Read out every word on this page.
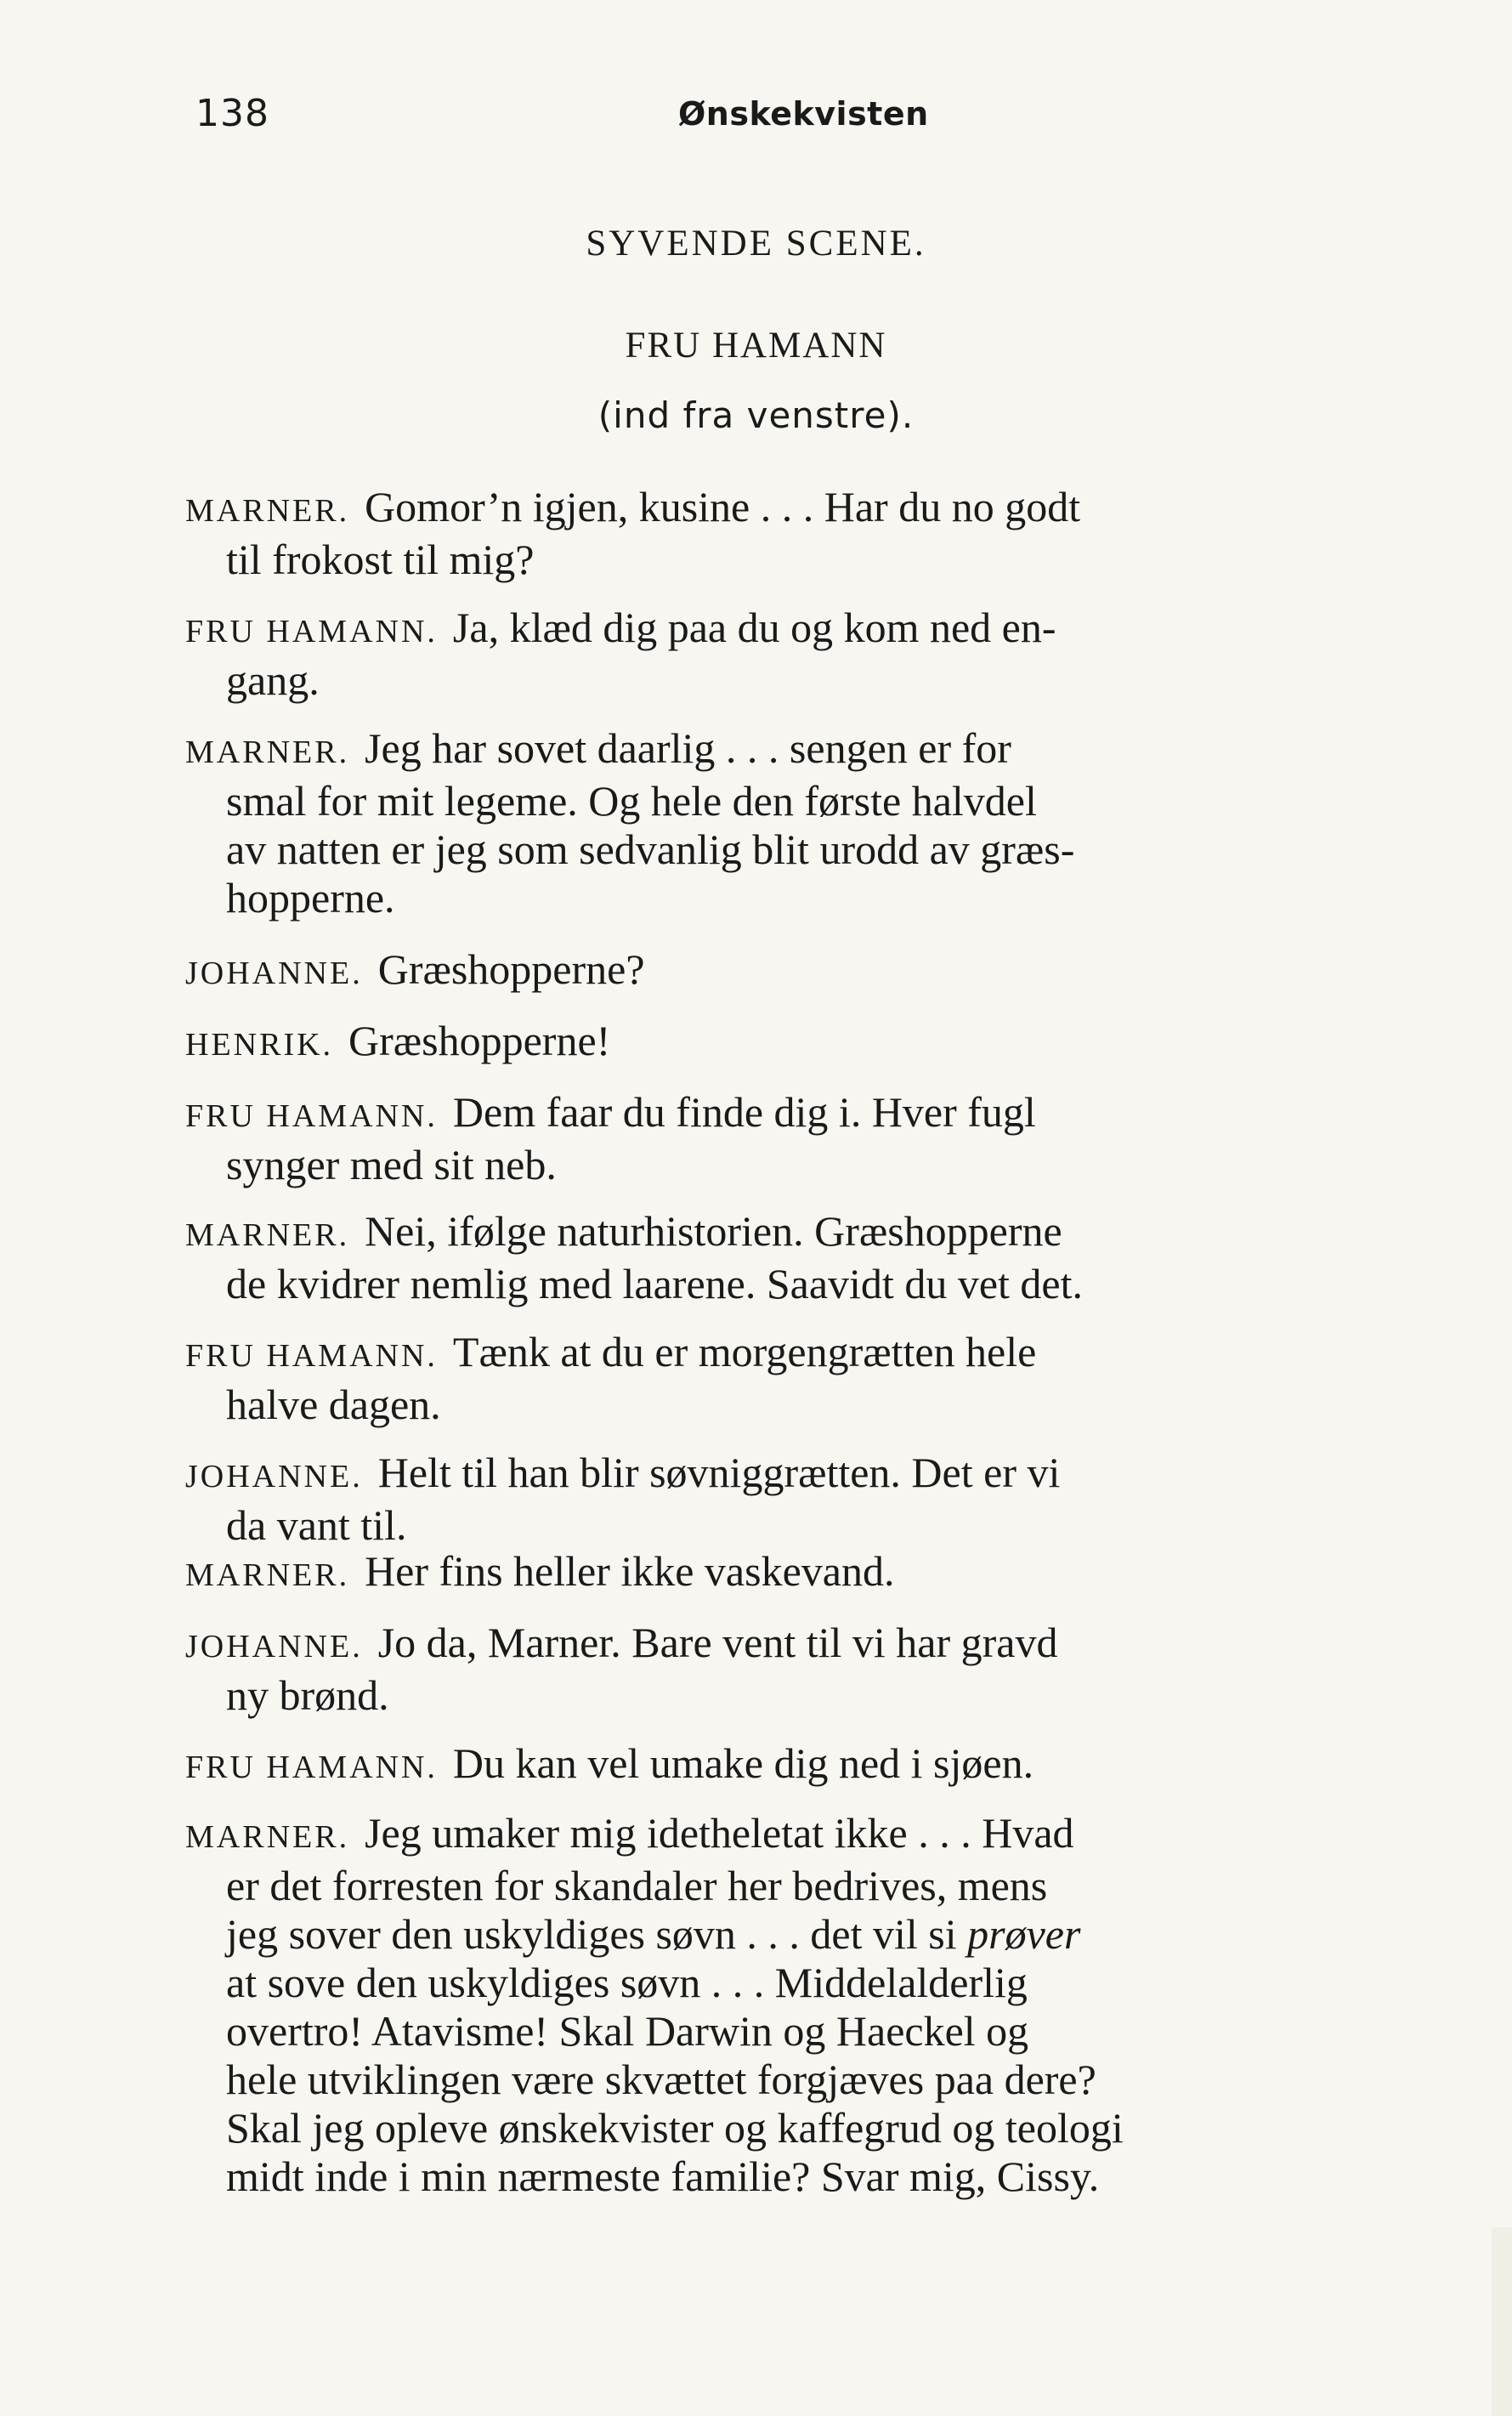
138	Ønskekvisten
SYVENDE SCENE.
FRU HAMANN
(ind fra venstre).
MARNER. Gomor’n igjen, kusine . . . Har du no godt
til frokost til mig?
FRU HAMANN. Ja, klæd dig paa du og kom ned en-
gang.
MARNER. Jeg har sovet daarlig . . . sengen er for
smal for mit legeme. Og hele den første halvdel
av natten er jeg som sedvanlig blit urodd av græs-
hopperne.
JOHANNE. Græshopperne?
HENRIK. Græshopperne!
FRU HAMANN. Dem faar du finde dig i. Hver fugl
synger med sit neb.
MARNER. Nei, ifølge naturhistorien. Græshopperne
de kvidrer nemlig med laarene. Saavidt du vet det.
FRU HAMANN. Tænk at du er morgengrætten hele
halve dagen.
JOHANNE. Helt til han blir søvniggrætten. Det er vi
da vant til.
MARNER. Her fins heller ikke vaskevand.
JOHANNE. Jo da, Marner. Bare vent til vi har gravd
ny brønd.
FRU HAMANN. Du kan vel umake dig ned i sjøen.
MARNER. Jeg umaker mig idetheletat ikke . . . Hvad
er det forresten for skandaler her bedrives, mens
jeg sover den uskyldiges søvn . . . det vil si prøver
at sove den uskyldiges søvn . . . Middelalderlig
overtro! Atavisme! Skal Darwin og Haeckel og
hele utviklingen være skvættet forgjæves paa dere?
Skal jeg opleve ønskekvister og kaffegrud og teologi
midt inde i min nærmeste familie? Svar mig, Cissy.
